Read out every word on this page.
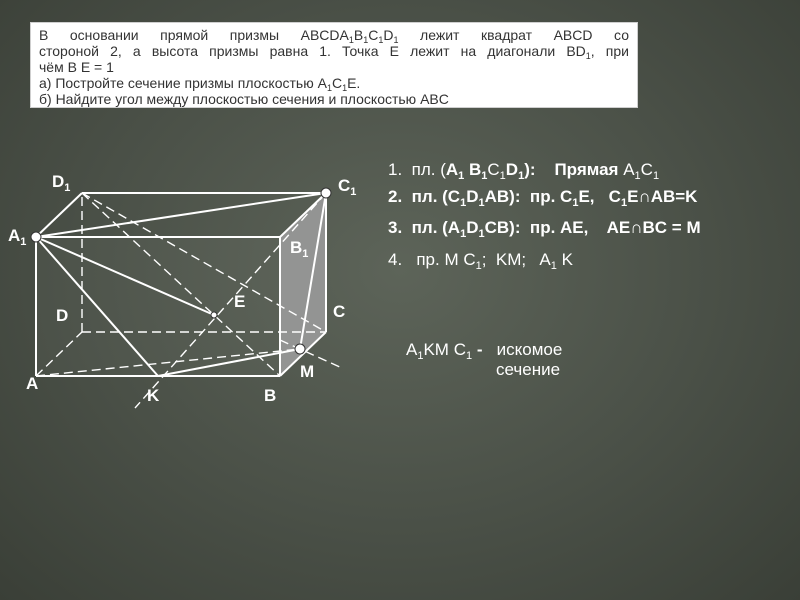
В основании прямой призмы $ABCDA_1B_1C_1D_1$ лежит квадрат ABCD со

стороной 2, а высота призмы равна 1. Точка Е лежит на диагонали $BD_1$, при

чём В Е = 1

а) Постройте сечение призмы плоскостью $A_1C_1E$.

б) Найдите угол между плоскостью сечения и плоскостью ABC

$D_1$	$C_1$
$A_1$	$B_1$
D
E
C
A
K	B
M
1.  пл. ($A_1$ $B_1C_1D_1$): Прямая $A_1C_1$
2.  пл. $(C_1D_1AB)$:  пр. $C_1E$,   $C_1E\cap AB=K$
3.  пл. $(A_1D_1CB)$:  пр. AE,    AE∩BC = M
4.   пр. M $C_1$;  KM;   $A_1$ K
$A_1KM$ $C_1$ -   искомое
сечение
